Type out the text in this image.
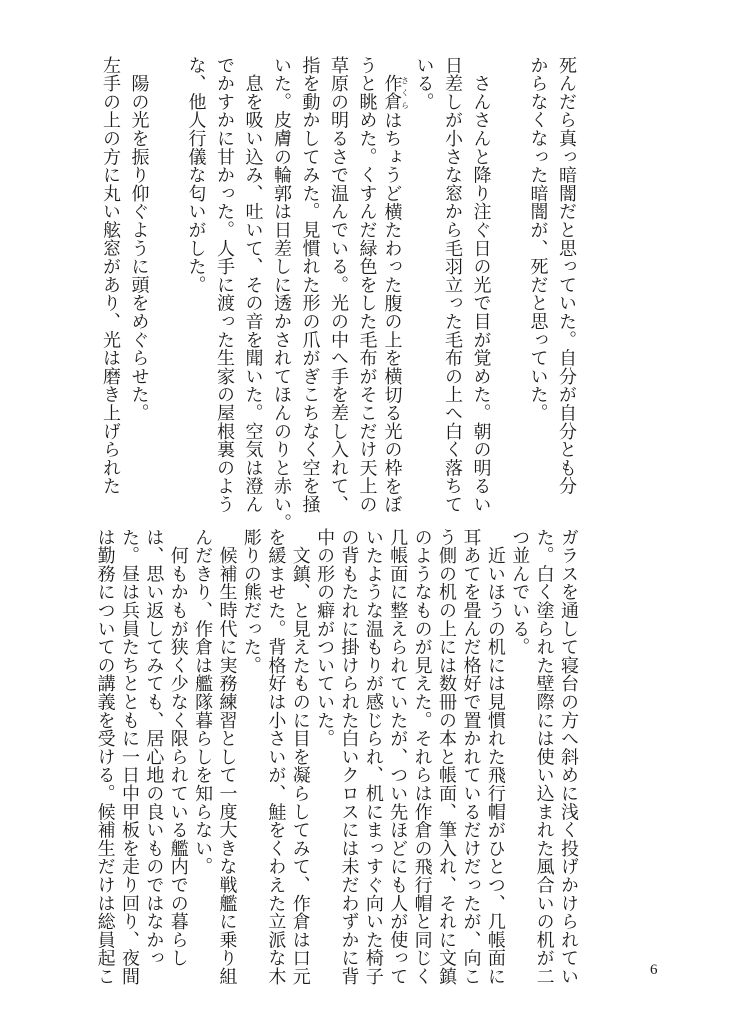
死んだら真っ暗闇だと思っていた。自分が自分とも分
からなくなった暗闇が、死だと思っていた。

　さんさんと降り注ぐ日の光で目が覚めた。朝の明るい
日差しが小さな窓から毛羽立った毛布の上へ白く落ちて
いる。
　作倉さくらはちょうど横たわった腹の上を横切る光の枠をぼ
うと眺めた。くすんだ緑色をした毛布がそこだけ天上の
草原の明るさで温んでいる。光の中へ手を差し入れて、
指を動かしてみた。見慣れた形の爪がぎこちなく空を掻
いた。皮膚の輪郭は日差しに透かされてほんのりと赤い。
　息を吸い込み、吐いて、その音を聞いた。空気は澄ん
でかすかに甘かった。人手に渡った生家の屋根裏のよう
な、他人行儀な匂いがした。

　陽の光を振り仰ぐように頭をめぐらせた。
左手の上の方に丸い舷窓があり、光は磨き上げられた
ガラスを通して寝台の方へ斜めに浅く投げかけられてい
た。白く塗られた壁際には使い込まれた風合いの机が二
つ並んでいる。
　近いほうの机には見慣れた飛行帽がひとつ、几帳面に
耳あてを畳んだ格好で置かれているだけだったが、向こ
う側の机の上には数冊の本と帳面、筆入れ、それに文鎮
のようなものが見えた。それらは作倉の飛行帽と同じく
几帳面に整えられていたが、つい先ほどにも人が使って
いたような温もりが感じられ、机にまっすぐ向いた椅子
の背もたれに掛けられた白いクロスには未だわずかに背
中の形の癖がついていた。
　文鎮、と見えたものに目を凝らしてみて、作倉は口元
を緩ませた。背格好は小さいが、鮭をくわえた立派な木
彫りの熊だった。
　候補生時代に実務練習として一度大きな戦艦に乗り組
んだきり、作倉は艦隊暮らしを知らない。
　何もかもが狭く少なく限られている艦内での暮らし
は、思い返してみても、居心地の良いものではなかっ
た。昼は兵員たちとともに一日中甲板を走り回り、夜間
は勤務についての講義を受ける。候補生だけは総員起こ	6
